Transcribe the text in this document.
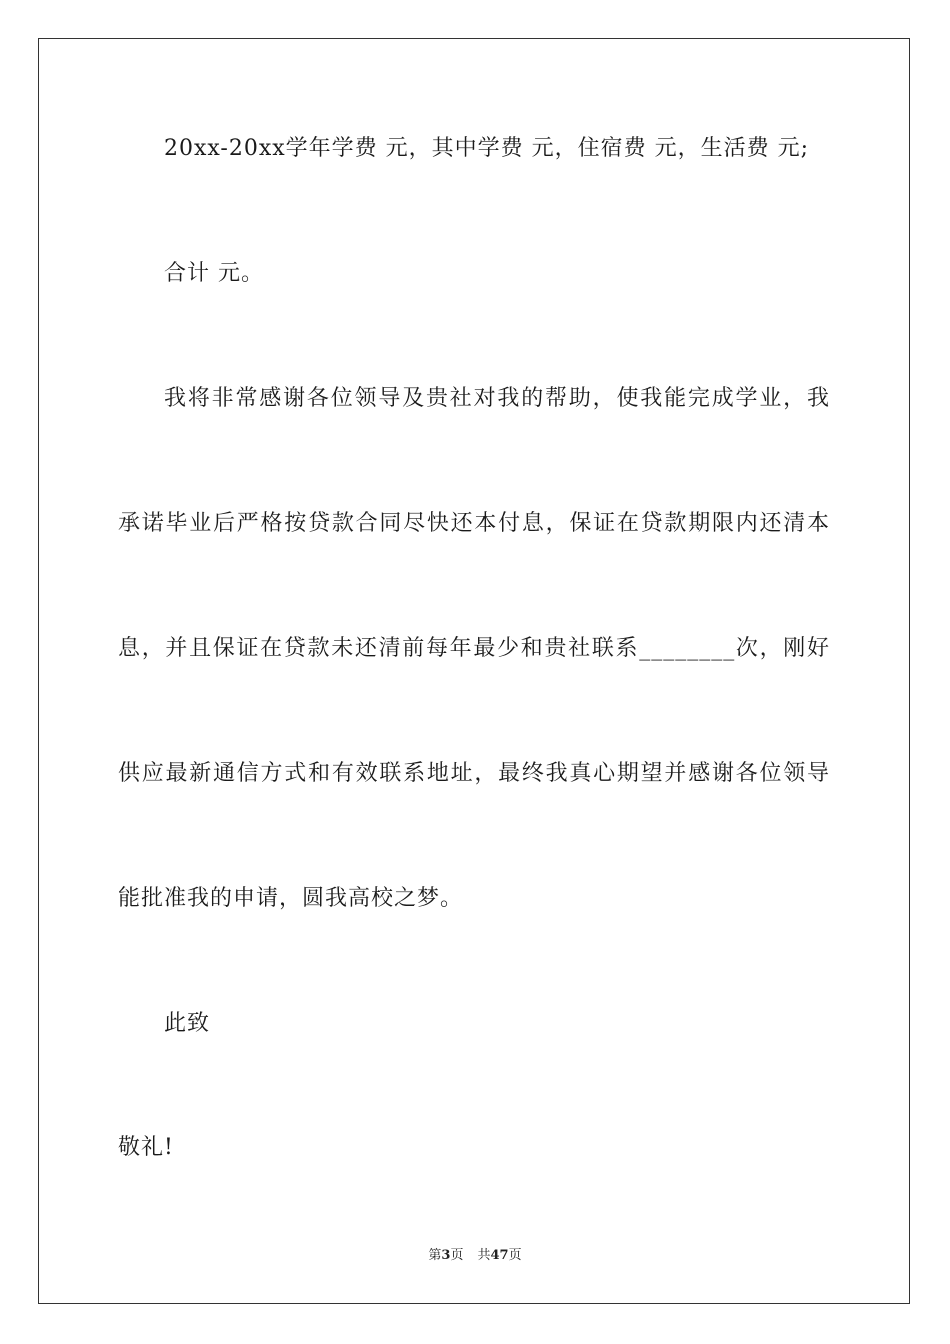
20xx-20xx学年学费 元，其中学费 元，住宿费 元，生活费 元;
合计 元。
我将非常感谢各位领导及贵社对我的帮助，使我能完成学业，我
承诺毕业后严格按贷款合同尽快还本付息，保证在贷款期限内还清本
息，并且保证在贷款未还清前每年最少和贵社联系________次，刚好
供应最新通信方式和有效联系地址，最终我真心期望并感谢各位领导
能批准我的申请，圆我高校之梦。
此致
敬礼!
第3页 共47页
